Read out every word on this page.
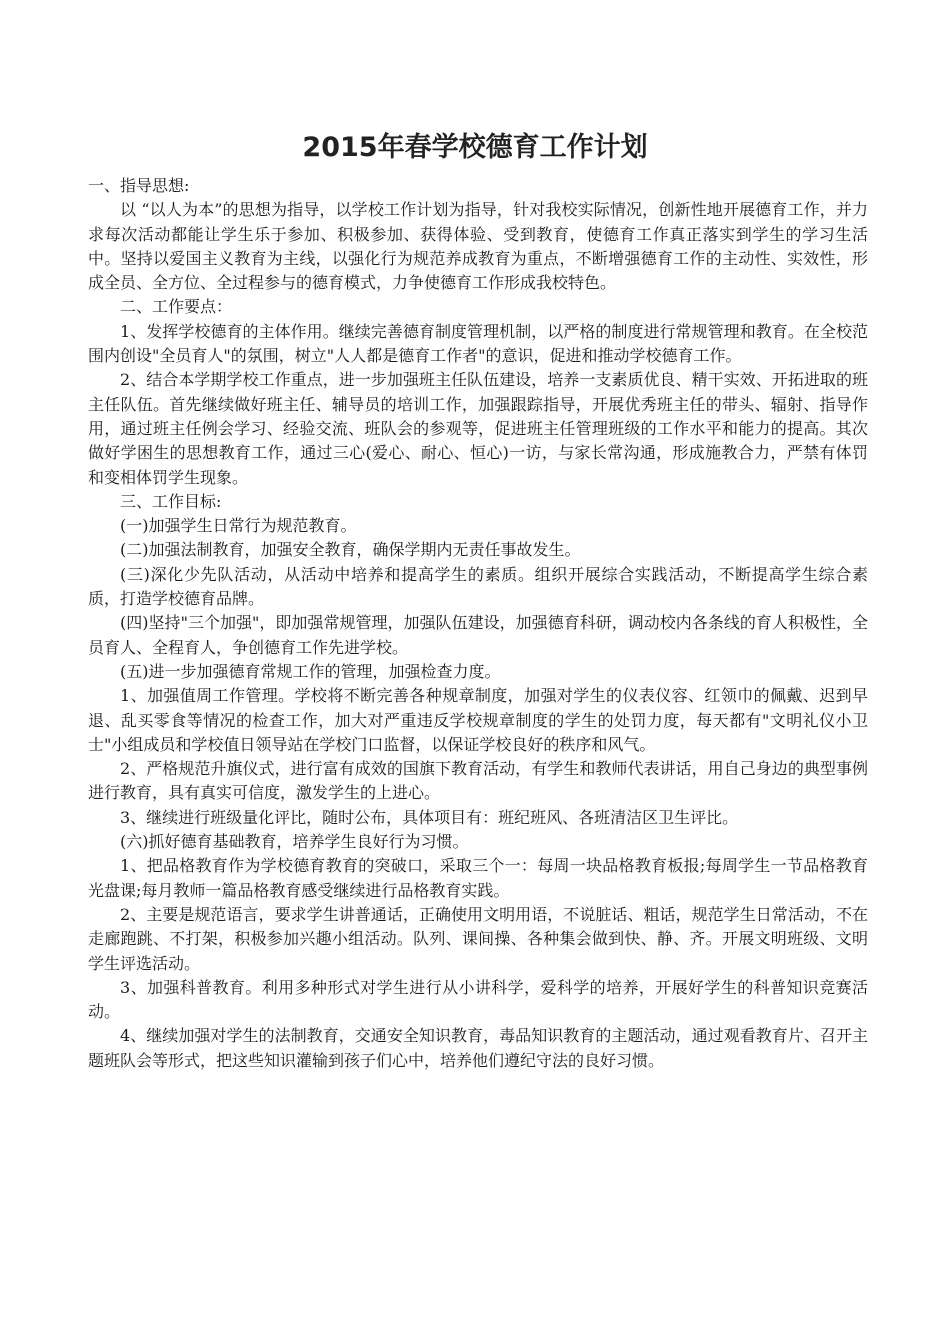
2015年春学校德育工作计划

一、指导思想:

以 “以人为本”的思想为指导，以学校工作计划为指导，针对我校实际情况，创新性地开展德育工作，并力求每次活动都能让学生乐于参加、积极参加、获得体验、受到教育，使德育工作真正落实到学生的学习生活中。坚持以爱国主义教育为主线，以强化行为规范养成教育为重点，不断增强德育工作的主动性、实效性，形成全员、全方位、全过程参与的德育模式，力争使德育工作形成我校特色。

二、工作要点：

1、发挥学校德育的主体作用。继续完善德育制度管理机制，以严格的制度进行常规管理和教育。在全校范围内创设"全员育人"的氛围，树立"人人都是德育工作者"的意识，促进和推动学校德育工作。

2、结合本学期学校工作重点，进一步加强班主任队伍建设，培养一支素质优良、精干实效、开拓进取的班主任队伍。首先继续做好班主任、辅导员的培训工作，加强跟踪指导，开展优秀班主任的带头、辐射、指导作用，通过班主任例会学习、经验交流、班队会的参观等，促进班主任管理班级的工作水平和能力的提高。其次做好学困生的思想教育工作，通过三心(爱心、耐心、恒心)一访，与家长常沟通，形成施教合力，严禁有体罚和变相体罚学生现象。

三、工作目标:

(一)加强学生日常行为规范教育。

(二)加强法制教育，加强安全教育，确保学期内无责任事故发生。

(三)深化少先队活动，从活动中培养和提高学生的素质。组织开展综合实践活动，不断提高学生综合素质，打造学校德育品牌。

(四)坚持"三个加强"，即加强常规管理，加强队伍建设，加强德育科研，调动校内各条线的育人积极性，全员育人、全程育人，争创德育工作先进学校。

(五)进一步加强德育常规工作的管理，加强检查力度。

1、加强值周工作管理。学校将不断完善各种规章制度，加强对学生的仪表仪容、红领巾的佩戴、迟到早退、乱买零食等情况的检查工作，加大对严重违反学校规章制度的学生的处罚力度，每天都有"文明礼仪小卫士"小组成员和学校值日领导站在学校门口监督，以保证学校良好的秩序和风气。

2、严格规范升旗仪式，进行富有成效的国旗下教育活动，有学生和教师代表讲话，用自己身边的典型事例进行教育，具有真实可信度，激发学生的上进心。

3、继续进行班级量化评比，随时公布，具体项目有：班纪班风、各班清洁区卫生评比。

(六)抓好德育基础教育，培养学生良好行为习惯。

1、把品格教育作为学校德育教育的突破口，采取三个一：每周一块品格教育板报;每周学生一节品格教育光盘课;每月教师一篇品格教育感受继续进行品格教育实践。

2、主要是规范语言，要求学生讲普通话，正确使用文明用语，不说脏话、粗话，规范学生日常活动，不在走廊跑跳、不打架，积极参加兴趣小组活动。队列、课间操、各种集会做到快、静、齐。开展文明班级、文明学生评选活动。

3、加强科普教育。利用多种形式对学生进行从小讲科学，爱科学的培养，开展好学生的科普知识竞赛活动。

4、继续加强对学生的法制教育，交通安全知识教育，毒品知识教育的主题活动，通过观看教育片、召开主题班队会等形式，把这些知识灌输到孩子们心中，培养他们遵纪守法的良好习惯。
